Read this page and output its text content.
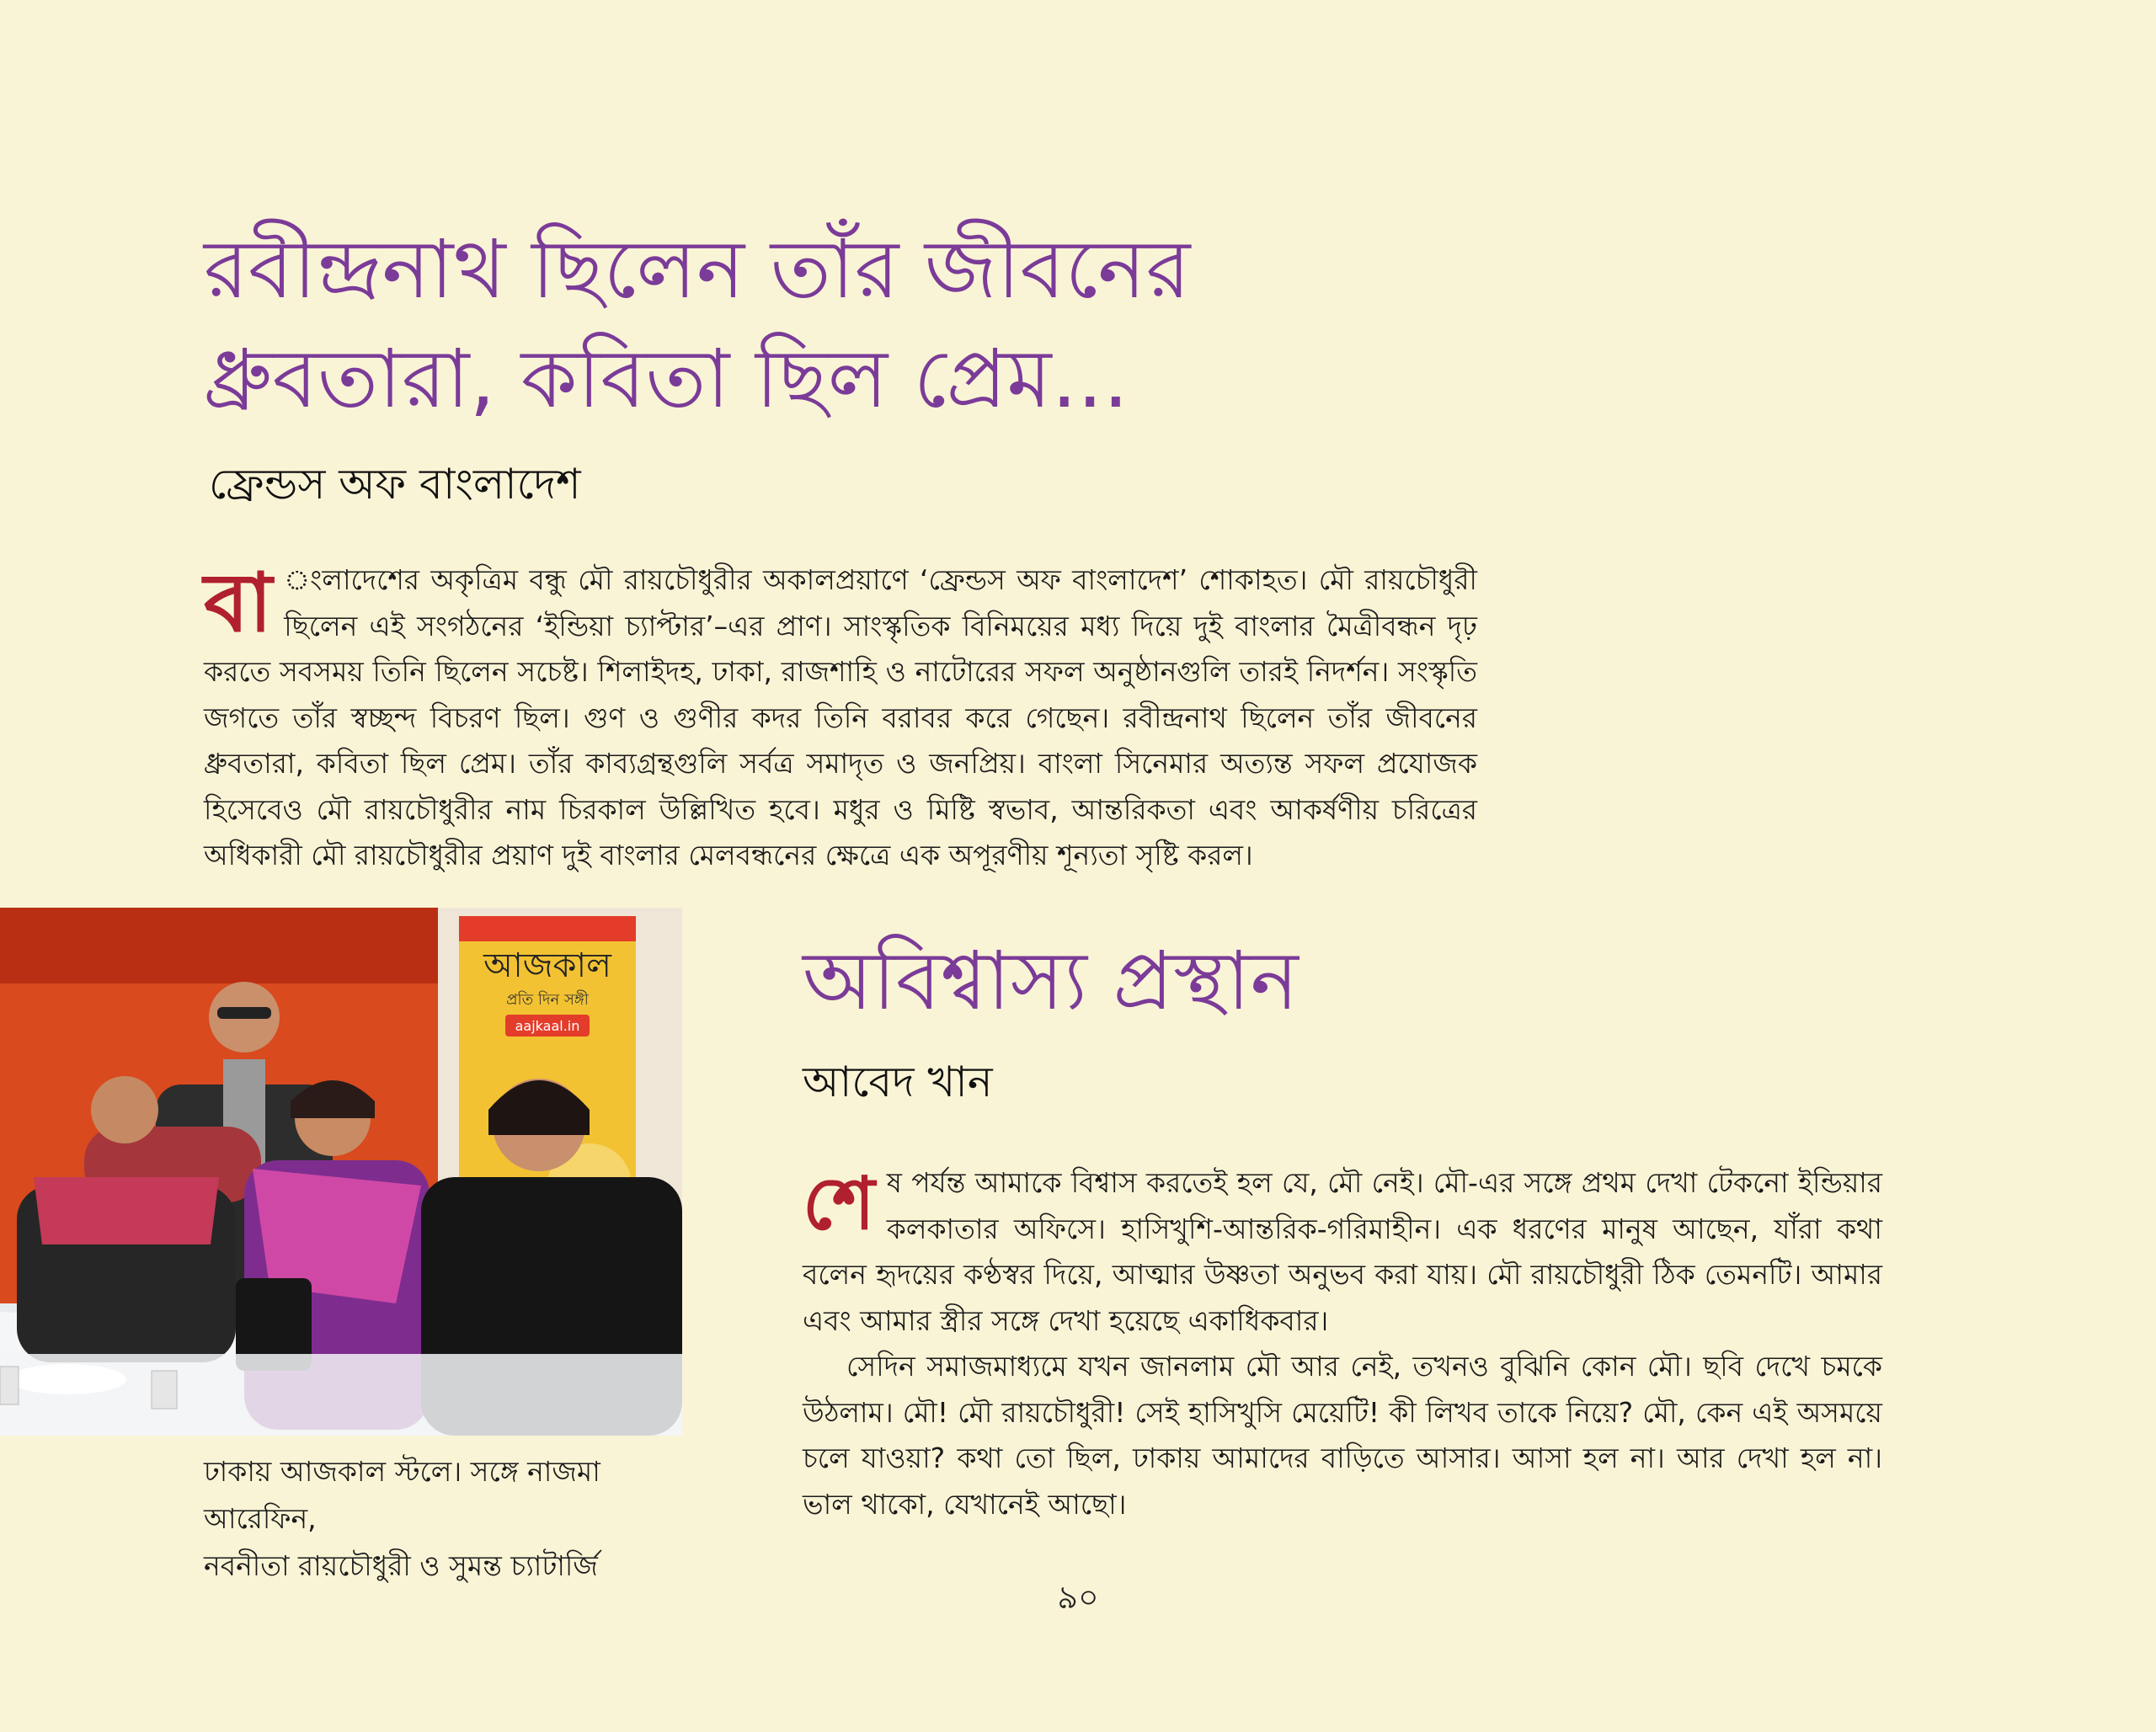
রবীন্দ্রনাথ ছিলেন তাঁর জীবনের
ধ্রুবতারা, কবিতা ছিল প্রেম...
ফ্রেন্ডস অফ বাংলাদেশ

বা ংলাদেশের অকৃত্রিম বন্ধু মৌ রায়চৌধুরীর অকালপ্রয়াণে ‘ফ্রেন্ডস অফ বাংলাদেশ’ শোকাহত। মৌ রায়চৌধুরী ছিলেন এই সংগঠনের ‘ইন্ডিয়া চ্যাপ্টার’–এর প্রাণ। সাংস্কৃতিক বিনিময়ের মধ্য দিয়ে দুই বাংলার মৈত্রীবন্ধন দৃঢ় করতে সবসময় তিনি ছিলেন সচেষ্ট। শিলাইদহ, ঢাকা, রাজশাহি ও নাটোরের সফল অনুষ্ঠানগুলি তারই নিদর্শন। সংস্কৃতি জগতে তাঁর স্বচ্ছন্দ বিচরণ ছিল। গুণ ও গুণীর কদর তিনি বরাবর করে গেছেন। রবীন্দ্রনাথ ছিলেন তাঁর জীবনের ধ্রুবতারা, কবিতা ছিল প্রেম। তাঁর কাব্যগ্রন্থগুলি সর্বত্র সমাদৃত ও জনপ্রিয়। বাংলা সিনেমার অত্যন্ত সফল প্রযোজক হিসেবেও মৌ রায়চৌধুরীর নাম চিরকাল উল্লিখিত হবে। মধুর ও মিষ্টি স্বভাব, আন্তরিকতা এবং আকর্ষণীয় চরিত্রের অধিকারী মৌ রায়চৌধুরীর প্রয়াণ দুই বাংলার মেলবন্ধনের ক্ষেত্রে এক অপূরণীয় শূন্যতা সৃষ্টি করল।

আজকাল
প্রতি দিন সঙ্গী
aajkaal.in

ঢাকায় আজকাল স্টলে। সঙ্গে নাজমা আরেফিন,
নবনীতা রায়চৌধুরী ও সুমন্ত চ্যাটার্জি

অবিশ্বাস্য প্রস্থান
আবেদ খান

শেষ পর্যন্ত আমাকে বিশ্বাস করতেই হল যে, মৌ নেই। মৌ-এর সঙ্গে প্রথম দেখা টেকনো ইন্ডিয়ার কলকাতার অফিসে। হাসিখুশি-আন্তরিক-গরিমাহীন। এক ধরণের মানুষ আছেন, যাঁরা কথা বলেন হৃদয়ের কণ্ঠস্বর দিয়ে, আত্মার উষ্ণতা অনুভব করা যায়। মৌ রায়চৌধুরী ঠিক তেমনটি। আমার এবং আমার স্ত্রীর সঙ্গে দেখা হয়েছে একাধিকবার।

সেদিন সমাজমাধ্যমে যখন জানলাম মৌ আর নেই, তখনও বুঝিনি কোন মৌ। ছবি দেখে চমকে উঠলাম। মৌ! মৌ রায়চৌধুরী! সেই হাসিখুসি মেয়েটি! কী লিখব তাকে নিয়ে? মৌ, কেন এই অসময়ে চলে যাওয়া? কথা তো ছিল, ঢাকায় আমাদের বাড়িতে আসার। আসা হল না। আর দেখা হল না। ভাল থাকো, যেখানেই আছো।

৯০
